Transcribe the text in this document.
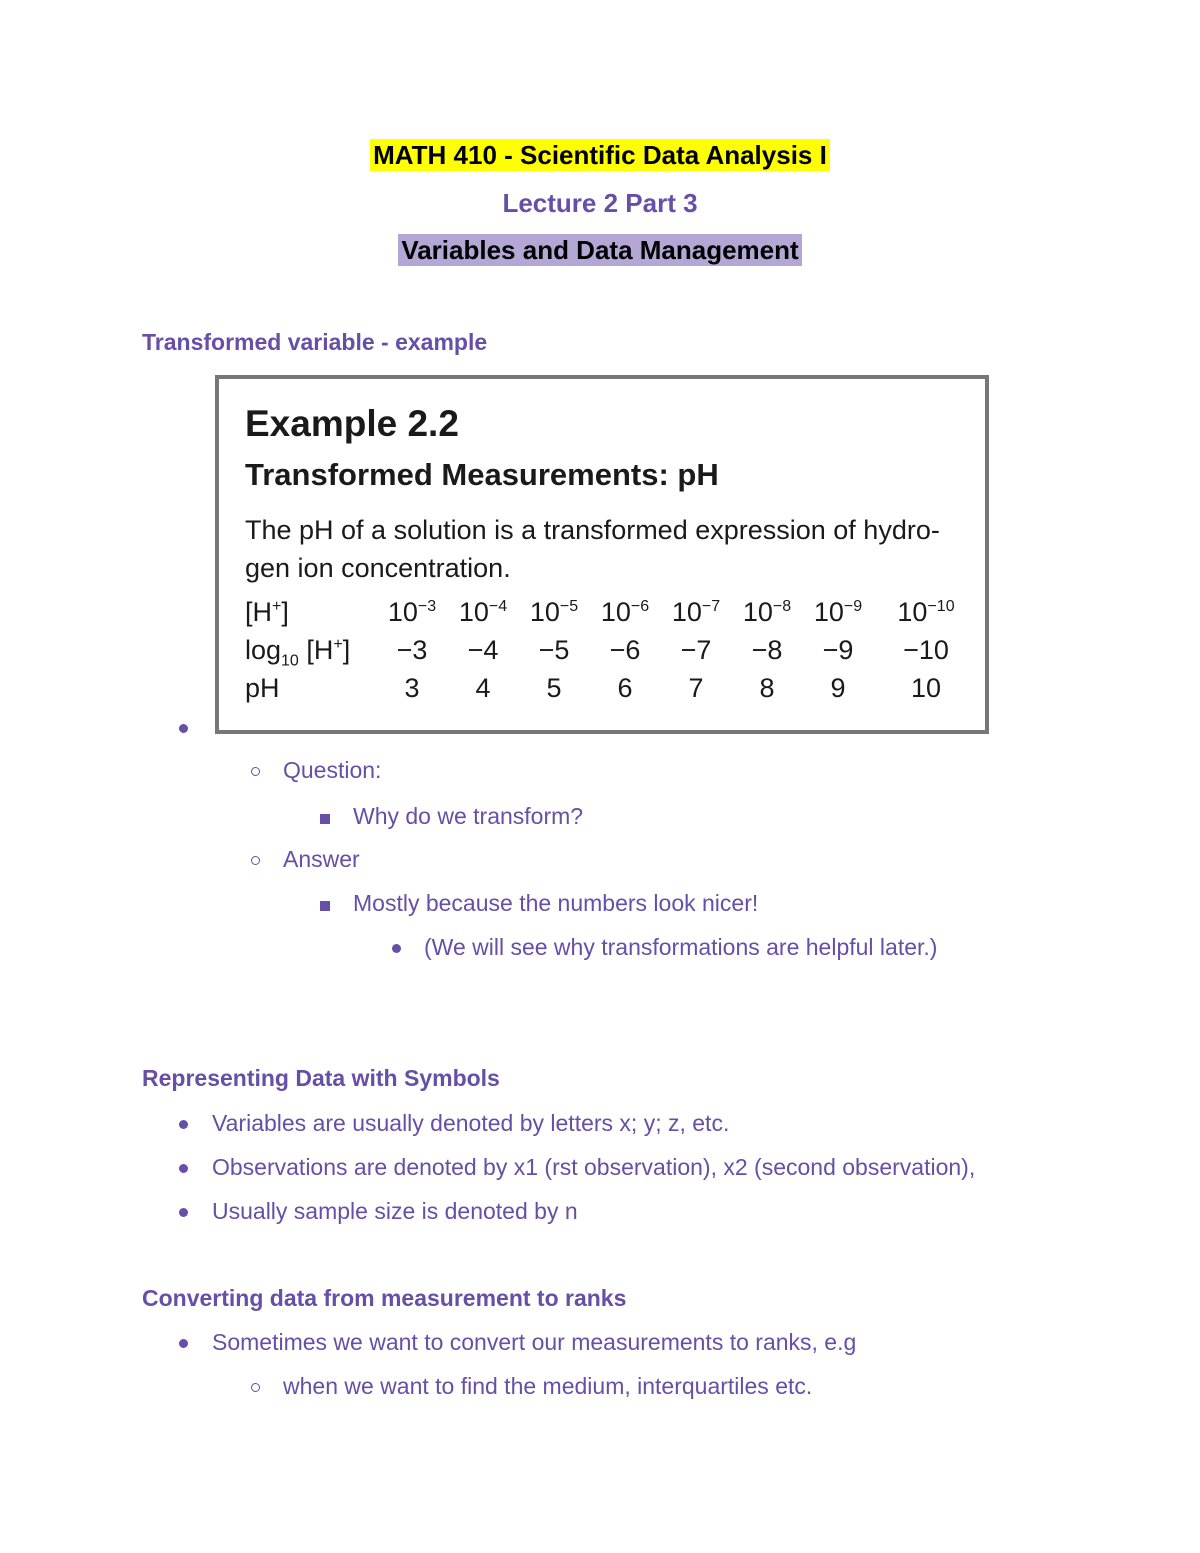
MATH 410 - Scientific Data Analysis I
Lecture 2 Part 3
Variables and Data Management
Transformed variable - example
Example 2.2
Transformed Measurements: pH
The pH of a solution is a transformed expression of hydro-
gen ion concentration.
[H+]	$10^{-3}$ $10^{-4}$ $10^{-5}$ $10^{-6}$ $10^{-7}$ $10^{-8}$ $10^{-9}$	$10^{-10}$
$\log_{10} [H^+]$	−3	−4	−5	−6	−7	−8	−9	−10
pH	3	4	5	6	7	8	9	10
Question:
Why do we transform?
Answer
Mostly because the numbers look nicer!
(We will see why transformations are helpful later.)
Representing Data with Symbols
Variables are usually denoted by letters x; y; z, etc.
Observations are denoted by x1 (rst observation), x2 (second observation),
Usually sample size is denoted by n
Converting data from measurement to ranks
Sometimes we want to convert our measurements to ranks, e.g
when we want to find the medium, interquartiles etc.
